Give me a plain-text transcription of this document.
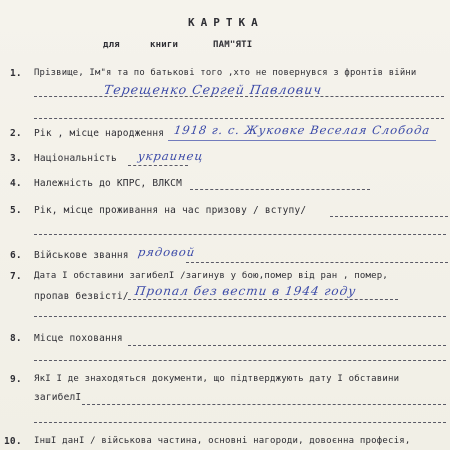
КАРТКА
для	книги	ПАМ"ЯТІ
1. Прізвище, Ім"я та по батькові того ,хто не повернувся з фронтів війни
Терещенко Сергей Павлович
2. Рік , місце народження 1918 г. с. Жуковке Веселая Слобода
3. Національність украинец
4. Належність до КПРС, ВЛКСМ
5. Рік, місце проживання на час призову / вступу/
6. Військове звання рядовой
7. Дата І обставини загибелІ /загинув у бою,помер від ран , помер,
пропав безвісті/ Пропал без вести в 1944 году
8. Місце поховання
9. ЯкІ І де знаходяться документи, що підтверджують дату І обставини
загибелІ
10. ІншІ данІ / військова частина, основні нагороди, довоєнна професія,
